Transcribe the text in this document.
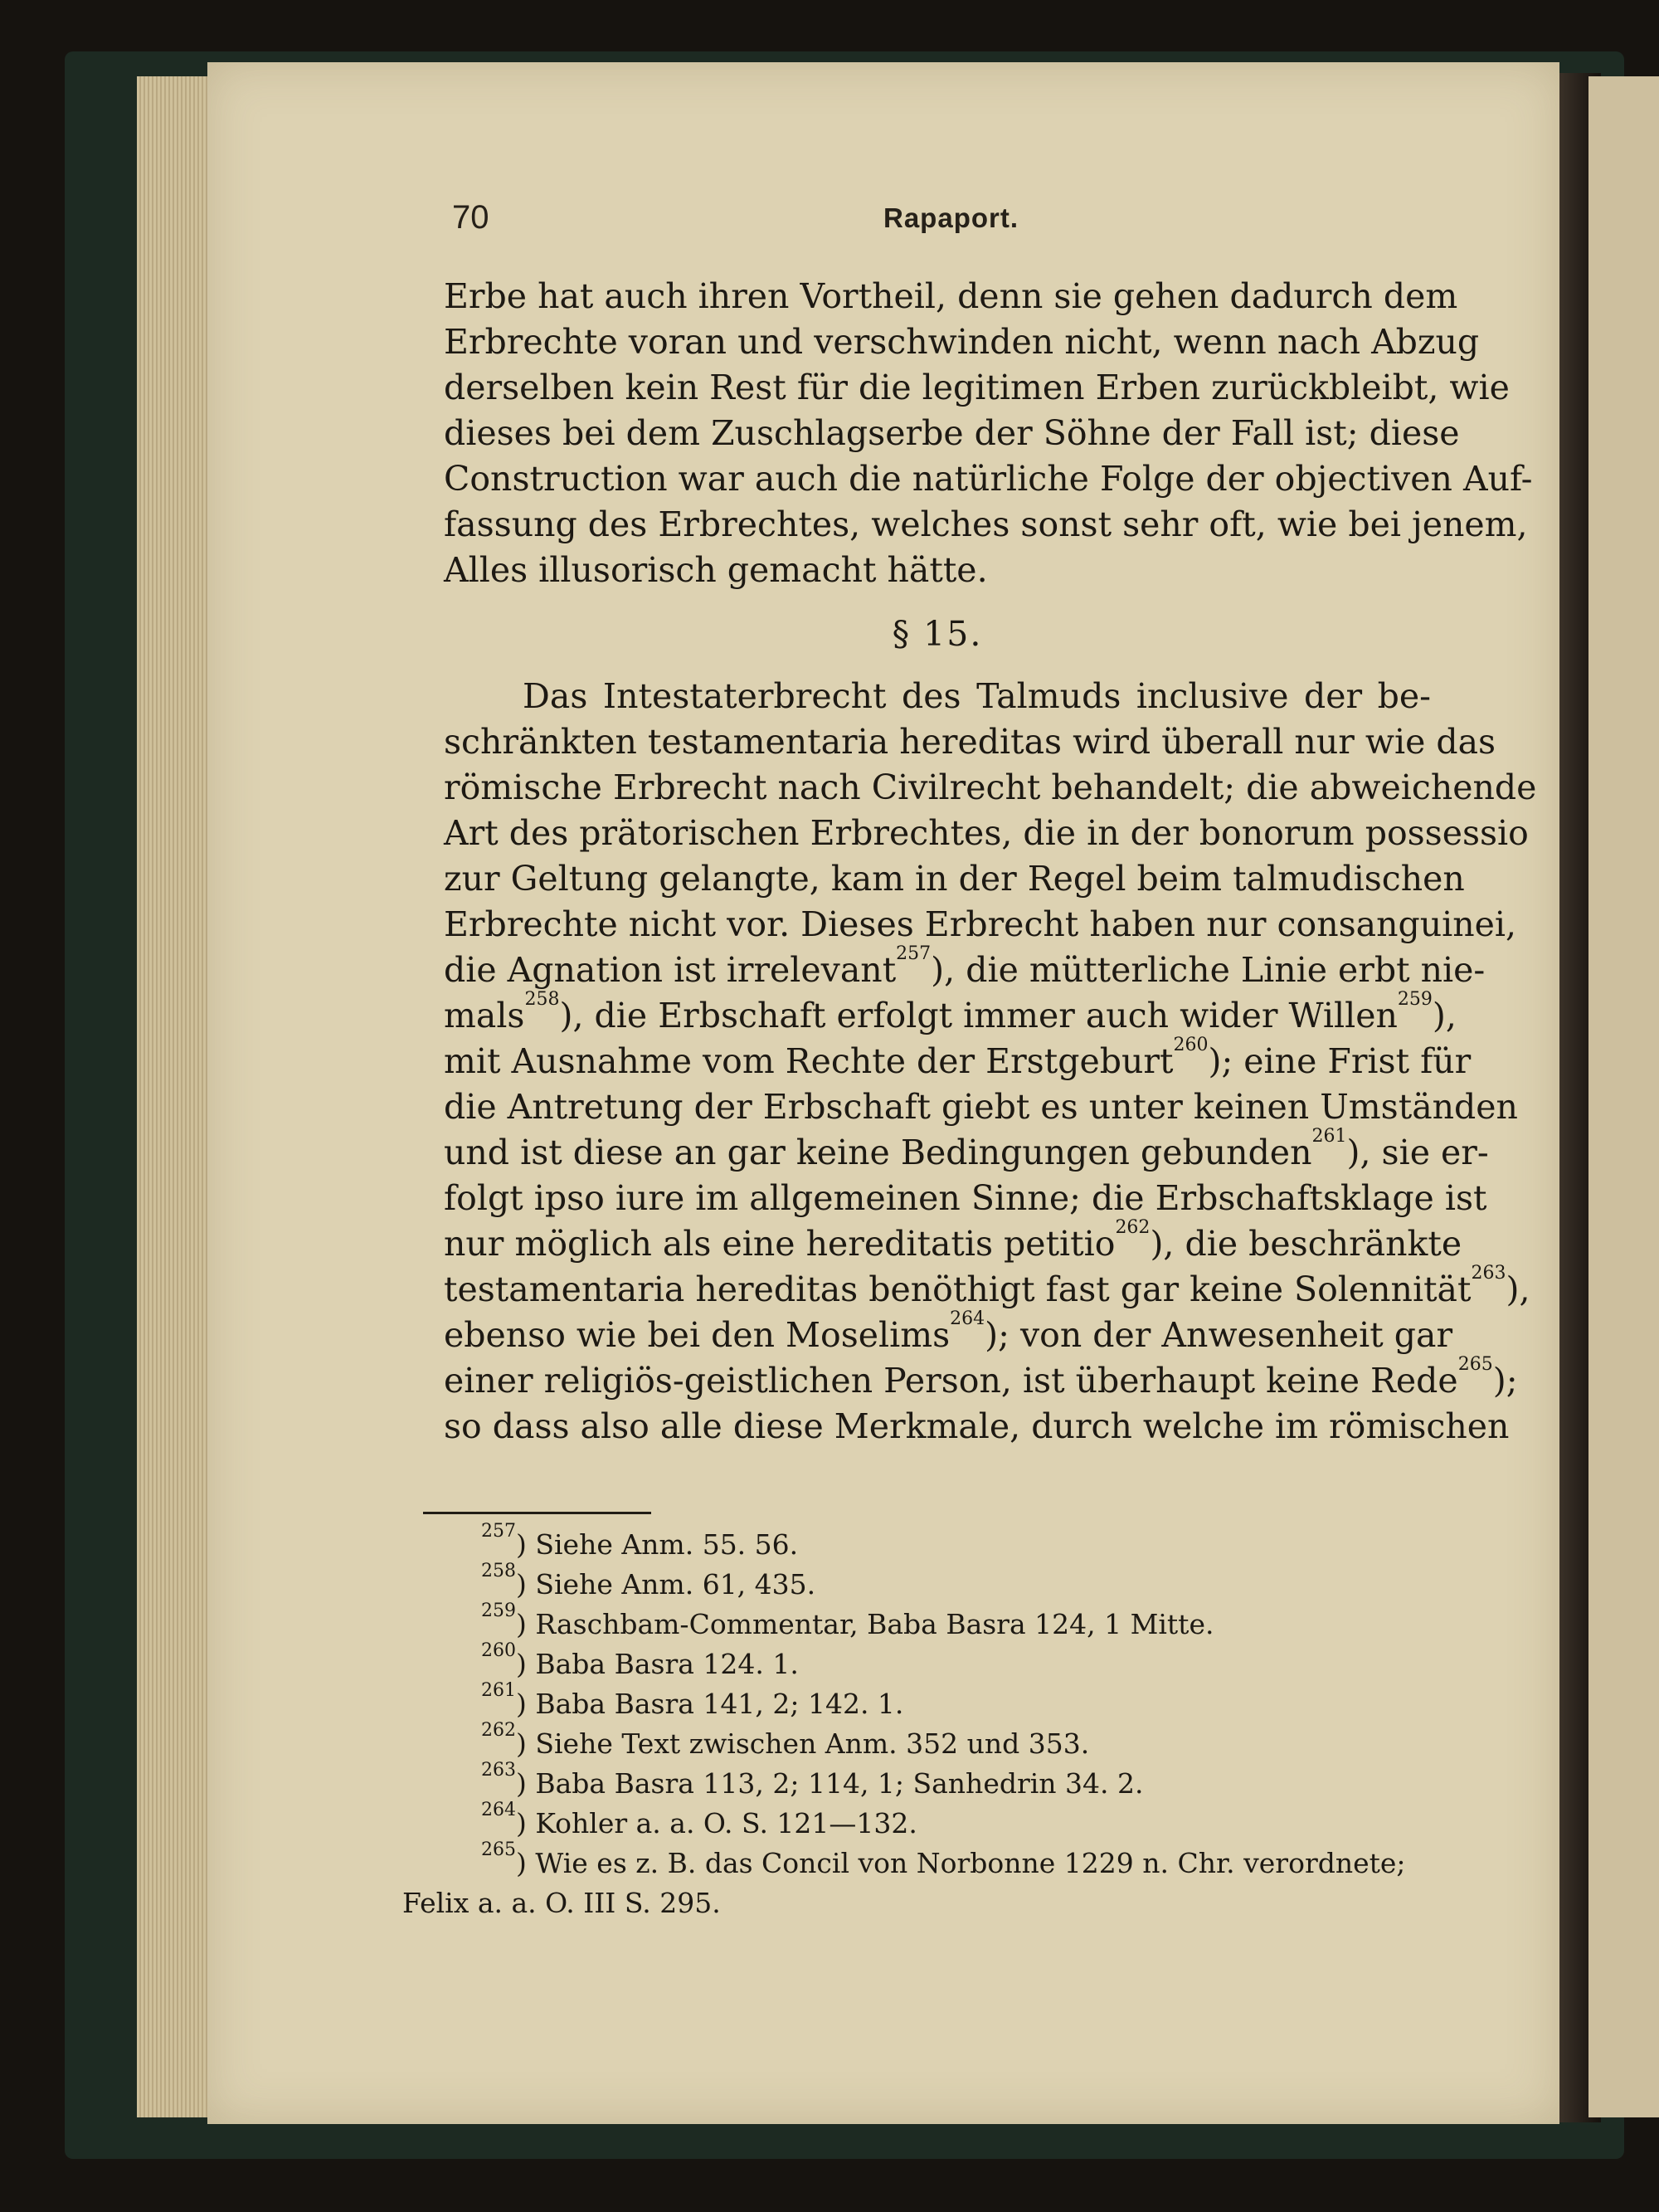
70	Rapaport.
Erbe hat auch ihren Vortheil, denn sie gehen dadurch dem
Erbrechte voran und verschwinden nicht, wenn nach Abzug
derselben kein Rest für die legitimen Erben zurückbleibt, wie
dieses bei dem Zuschlagserbe der Söhne der Fall ist; diese
Construction war auch die natürliche Folge der objectiven Auf-
fassung des Erbrechtes, welches sonst sehr oft, wie bei jenem,
Alles illusorisch gemacht hätte.
§ 15.
Das Intestaterbrecht des Talmuds inclusive der be-
schränkten testamentaria hereditas wird überall nur wie das
römische Erbrecht nach Civilrecht behandelt; die abweichende
Art des prätorischen Erbrechtes, die in der bonorum possessio
zur Geltung gelangte, kam in der Regel beim talmudischen
Erbrechte nicht vor. Dieses Erbrecht haben nur consanguinei,
die Agnation ist irrelevant$^{257}$), die mütterliche Linie erbt nie-
mals$^{258}$), die Erbschaft erfolgt immer auch wider Willen$^{259}$),
mit Ausnahme vom Rechte der Erstgeburt$^{260}$); eine Frist für
die Antretung der Erbschaft giebt es unter keinen Umständen
und ist diese an gar keine Bedingungen gebunden$^{261}$), sie er-
folgt ipso iure im allgemeinen Sinne; die Erbschaftsklage ist
nur möglich als eine hereditatis petitio$^{262}$), die beschränkte
testamentaria hereditas benöthigt fast gar keine Solennität$^{263}$),
ebenso wie bei den Moselims$^{264}$); von der Anwesenheit gar
einer religiös-geistlichen Person, ist überhaupt keine Rede$^{265}$);
so dass also alle diese Merkmale, durch welche im römischen
$^{257}$) Siehe Anm. 55. 56.
$^{258}$) Siehe Anm. 61, 435.
$^{259}$) Raschbam-Commentar, Baba Basra 124, 1 Mitte.
$^{260}$) Baba Basra 124. 1.
$^{261}$) Baba Basra 141, 2; 142. 1.
$^{262}$) Siehe Text zwischen Anm. 352 und 353.
$^{263}$) Baba Basra 113, 2; 114, 1; Sanhedrin 34. 2.
$^{264}$) Kohler a. a. O. S. 121—132.
$^{265}$) Wie es z. B. das Concil von Norbonne 1229 n. Chr. verordnete;
Felix a. a. O. III S. 295.
